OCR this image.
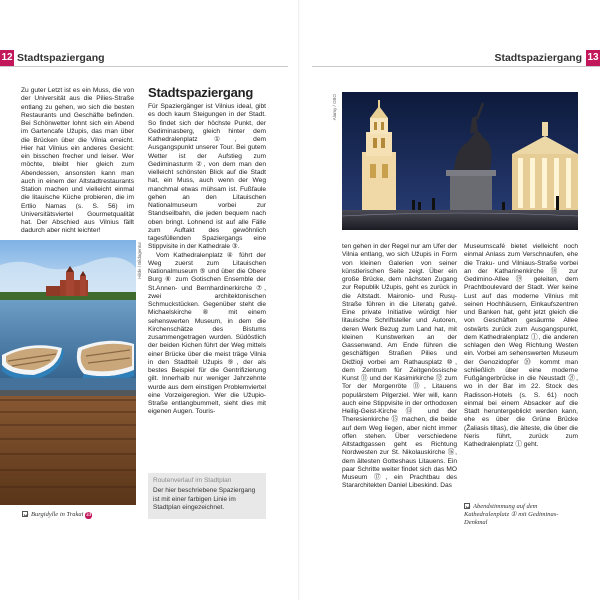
12 Stadtspaziergang

Zu guter Letzt ist es ein Muss, die von der Universität aus die Pilies-Straße entlang zu gehen, wo sich die besten Restaurants und Geschäfte befinden. Bei Schönwetter lohnt sich ein Abend im Gartencafe Užupis, das man über die Brücken über die Vilnia erreicht. Hier hat Vilnius ein anderes Gesicht: ein bisschen frecher und leiser. Wer möchte, bleibt hier gleich zum Abendessen, ansonsten kann man auch in einem der Altstadtrestaurants Station machen und vielleicht einmal die litauische Küche probieren, die im Ertlio Namas (s. S. 56) im Universitätsviertel Gourmetqualität hat. Der Abschied aus Vilnius fällt dadurch aber nicht leichter!

Hilde / Bildagentur
Burgidylle in Trakai 33
Stadtspaziergang

Für Spaziergänger ist Vilnius ideal, gibt es doch kaum Steigungen in der Stadt. So findet sich der höchste Punkt, der Gediminasberg, gleich hinter dem Kathedralenplatz ①, dem Ausgangspunkt unserer Tour. Bei gutem Wetter ist der Aufstieg zum Gediminasturm ②, von dem man den vielleicht schönsten Blick auf die Stadt hat, ein Muss, auch wenn der Weg manchmal etwas mühsam ist. Fußfaule gehen an den Litauischen Nationalmuseum vorbei zur Standseilbahn, die jeden bequem nach oben bringt. Lohnend ist auf alle Fälle zum Auftakt des gewöhnlich tagesfüllenden Spaziergangs eine Stippvisite in der Kathedrale ③.

Vom Kathedralenplatz ④ führt der Weg zuerst zum Litauischen Nationalmuseum ⑤ und über die Obere Burg ⑥ zum Gotischen Ensemble der St.Annen- und Bernhardinerkirche ⑦, zwei architektonischen Schmuckstücken. Gegenüber steht die Michaelskirche ⑧ mit einem sehenswerten Museum, in dem die Kirchenschätze des Bistums zusammengetragen wurden. Südöstlich der beiden Kichen führt der Weg mittels einer Brücke über die meist träge Vilnia in den Stadtteil Užupis ⑨, der als bestes Beispiel für die Gentrifizierung gilt. Innerhalb nur weniger Jahrzehnte wurde aus dem einstigen Problemviertel eine Vorzeigeregion. Wer die Užupio-Straße entlangbummelt, sieht dies mit eigenen Augen. Touris-

Routenverlauf im Stadtplan
Der hier beschriebene Spaziergang ist mit einer farbigen Linie im Stadtplan eingezeichnet.
Stadtspaziergang 13
Alamy / OBO

ten gehen in der Regel nur am Ufer der Vilnia entlang, wo sich Užupis in Form von kleinen Galerien von seiner künstlerischen Seite zeigt. Über ein große Brücke, dem nächsten Zugang zur Republik Užupis, geht es zurück in die Altstadt. Maironio- und Rusų- Straße führen in die Literatų gatvė. Eine private Initiative würdigt hier litauische Schriftsteller und Autoren, deren Werk Bezug zum Land hat, mit kleinen Kunstwerken an der Gassenwand. Am Ende führen die geschäftigen Straßen Pilies und Didžioji vorbei am Rathausplatz ⑩, dem Zentrum für Zeitgenössische Kunst ⑪ und der Kasimirkirche ⑫ zum Tor der Morgenröte ⑬, Litauens populärstem Pilgerziel. Wer will, kann auch eine Stippvisite in der orthodoxen Heilig-Geist-Kirche ⑭ und der Theresienkirche ⑮ machen, die beide auf dem Weg liegen, aber nicht immer offen stehen. Über verschiedene Altstadtgassen geht es Richtung Nordwesten zur St. Nikolauskirche ⑯, dem ältesten Gotteshaus Litauens. Ein paar Schritte weiter findet sich das MO Museum ⑰, ein Prachtbau des Stararchitekten Daniel Libeskind. Das

Museumscafé bietet vielleicht noch einmal Anlass zum Verschnaufen, ehe die Traku- und Vilniaus-Straße vorbei an der Katharinenkirche ⑱ zur Gedimino-Allee ⑲ geleiten, dem Prachtboulevard der Stadt. Wer keine Lust auf das moderne Vilnius mit seinen Hochhäusern, Einkaufszentren und Banken hat, geht jetzt gleich die von Geschäften gesäumte Allee ostwärts zurück zum Ausgangspunkt, dem Kathedralenplatz ①, die anderen schlagen den Weg Richtung Westen ein. Vorbei am sehenswerten Museum der Genozidopfer ⑳ kommt man schließlich über eine moderne Fußgängerbrücke in die Neustadt ㉑, wo in der Bar im 22. Stock des Radisson-Hotels (s. S. 61) noch einmal bei einem Absacker auf die Stadt heruntergeblickt werden kann, ehe es über die Grüne Brücke (Žaliasis tiltas), die älteste, die über die Neris führt, zurück zum Kathedralenplatz ① geht.

Abendstimmung auf dem Kathedralenplatz ① mit Gediminas-Denkmal
